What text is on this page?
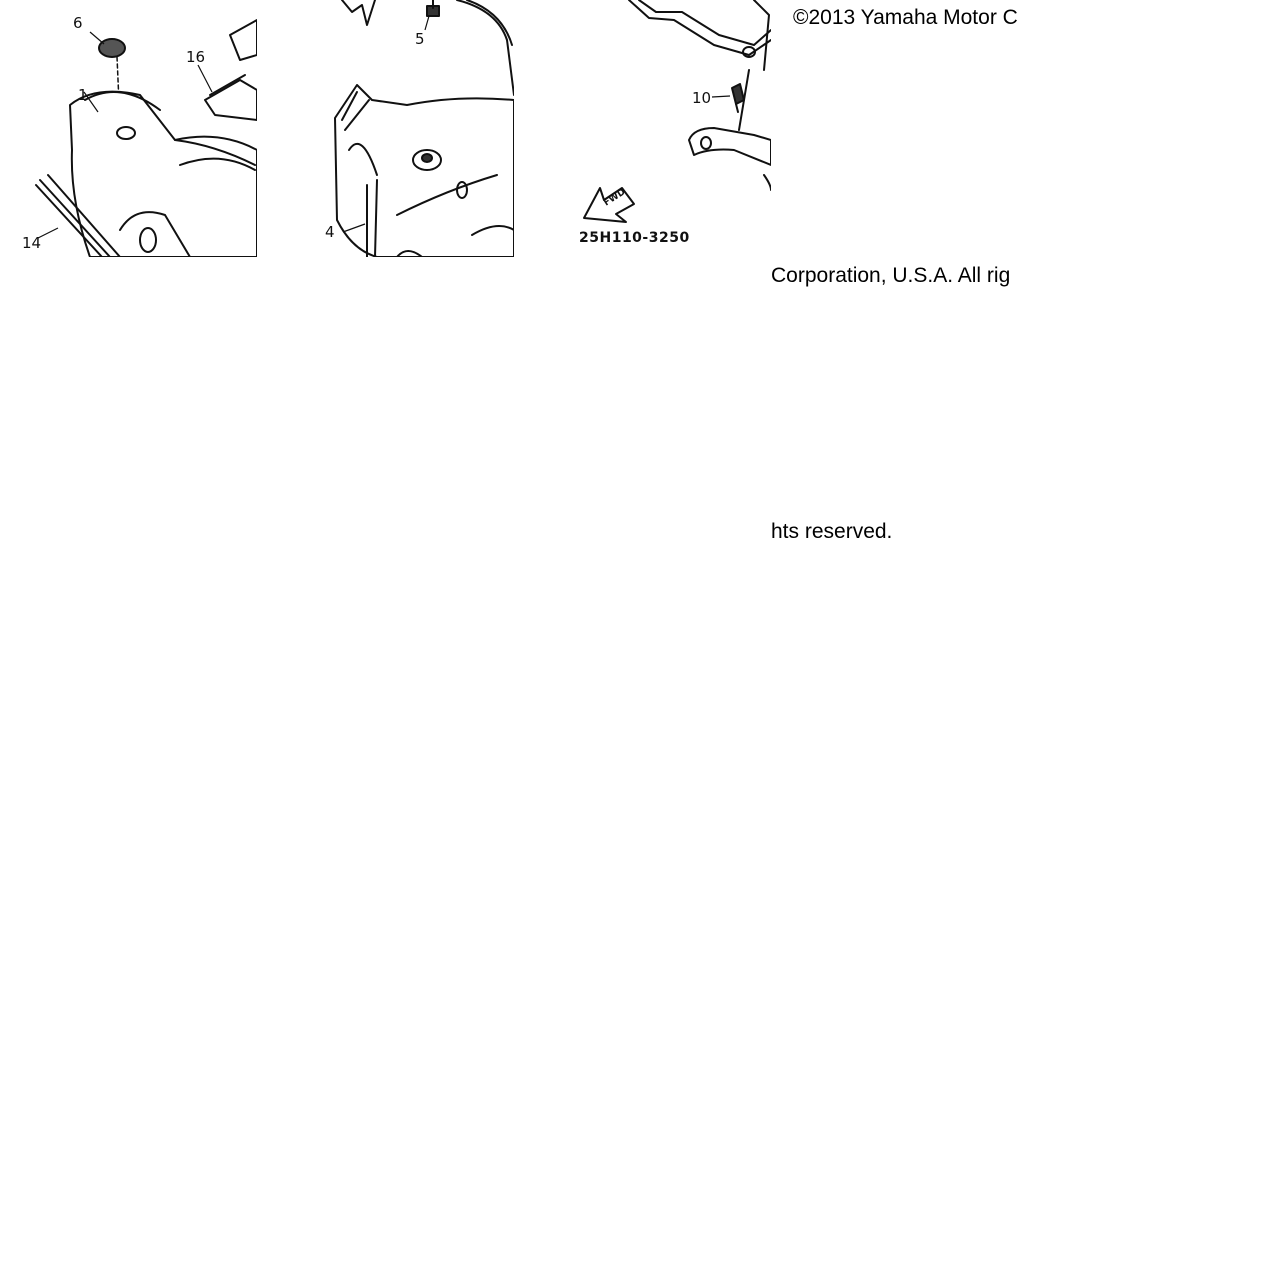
6
16
1
14
5
4
FWD
10
25H110-3250
©2013 Yamaha Motor C
Corporation, U.S.A. All rig
hts reserved.
